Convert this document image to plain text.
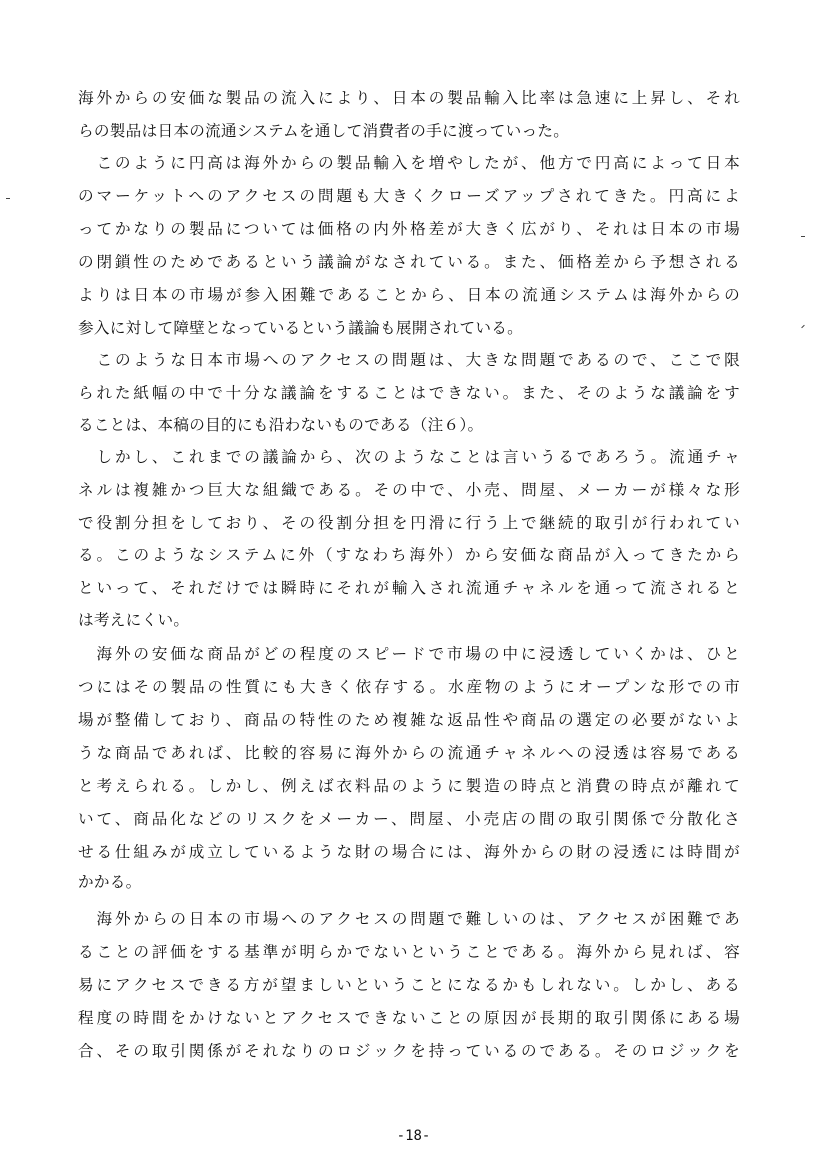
海外からの安価な製品の流入により、日本の製品輸入比率は急速に上昇し、それ
らの製品は日本の流通システムを通して消費者の手に渡っていった。
　このように円高は海外からの製品輸入を増やしたが、他方で円高によって日本
のマーケットへのアクセスの問題も大きくクローズアップされてきた。円高によ
ってかなりの製品については価格の内外格差が大きく広がり、それは日本の市場
の閉鎖性のためであるという議論がなされている。また、価格差から予想される
よりは日本の市場が参入困難であることから、日本の流通システムは海外からの
参入に対して障壁となっているという議論も展開されている。
　このような日本市場へのアクセスの問題は、大きな問題であるので、ここで限
られた紙幅の中で十分な議論をすることはできない。また、そのような議論をす
ることは、本稿の目的にも沿わないものである（注６）。
　しかし、これまでの議論から、次のようなことは言いうるであろう。流通チャ
ネルは複雑かつ巨大な組織である。その中で、小売、問屋、メーカーが様々な形
で役割分担をしており、その役割分担を円滑に行う上で継続的取引が行われてい
る。このようなシステムに外（すなわち海外）から安価な商品が入ってきたから
といって、それだけでは瞬時にそれが輸入され流通チャネルを通って流されると
は考えにくい。
　海外の安価な商品がどの程度のスピードで市場の中に浸透していくかは、ひと
つにはその製品の性質にも大きく依存する。水産物のようにオープンな形での市
場が整備しており、商品の特性のため複雑な返品性や商品の選定の必要がないよ
うな商品であれば、比較的容易に海外からの流通チャネルへの浸透は容易である
と考えられる。しかし、例えば衣料品のように製造の時点と消費の時点が離れて
いて、商品化などのリスクをメーカー、問屋、小売店の間の取引関係で分散化さ
せる仕組みが成立しているような財の場合には、海外からの財の浸透には時間が
かかる。
　海外からの日本の市場へのアクセスの問題で難しいのは、アクセスが困難であ
ることの評価をする基準が明らかでないということである。海外から見れば、容
易にアクセスできる方が望ましいということになるかもしれない。しかし、ある
程度の時間をかけないとアクセスできないことの原因が長期的取引関係にある場
合、その取引関係がそれなりのロジックを持っているのである。そのロジックを
-18-
